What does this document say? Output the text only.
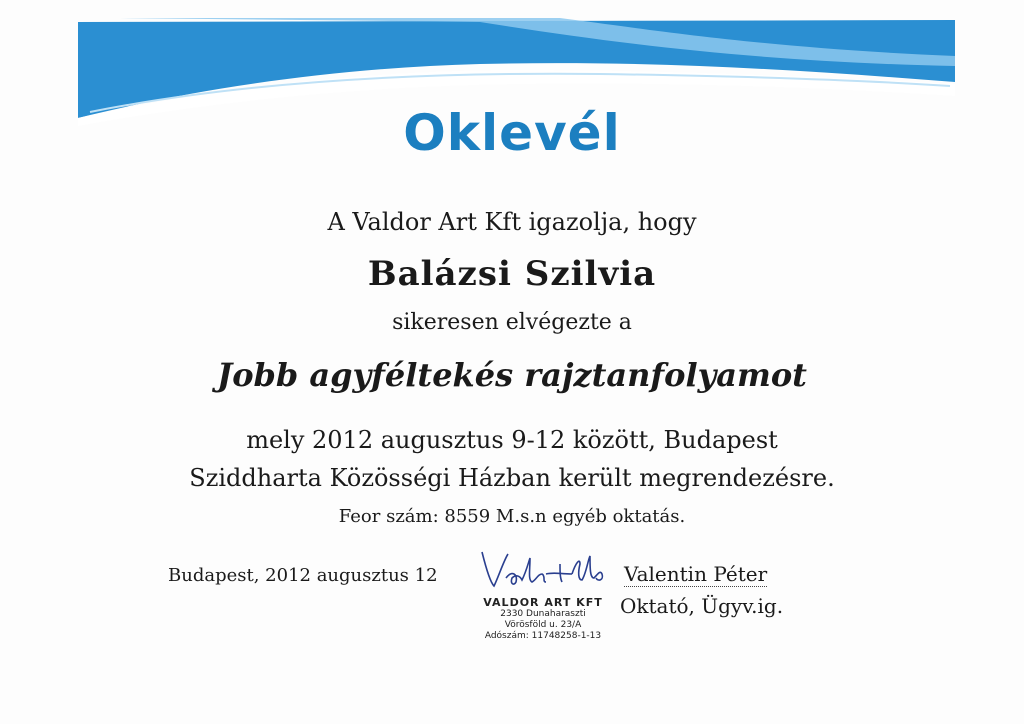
Oklevél
A Valdor Art Kft igazolja, hogy
Balázsi Szilvia
sikeresen elvégezte a
Jobb agyféltekés rajztanfolyamot
mely 2012 augusztus 9-12 között, Budapest
Sziddharta Közösségi Házban került megrendezésre.
Feor szám: 8559 M.s.n egyéb oktatás.
Budapest, 2012 augusztus 12
VALDOR ART KFT
2330 Dunaharaszti
Vörösföld u. 23/A
Adószám: 11748258-1-13
Valentin Péter
Oktató, Ügyv.ig.
